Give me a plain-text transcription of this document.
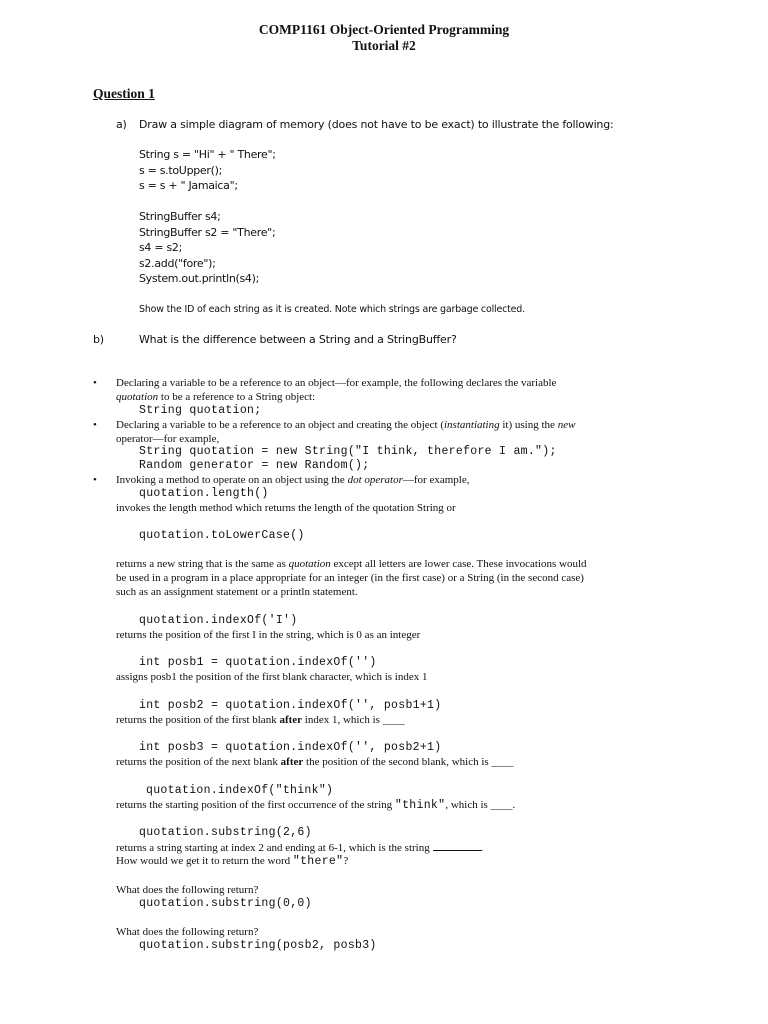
COMP1161 Object-Oriented Programming
Tutorial #2
Question 1
a) Draw a simple diagram of memory (does not have to be exact) to illustrate the following:
String s = "Hi" + " There";
s = s.toUpper();
s = s + " Jamaica";
StringBuffer s4;
StringBuffer s2 = "There";
s4 = s2;
s2.add("fore");
System.out.println(s4);
Show the ID of each string as it is created. Note which strings are garbage collected.
b)	What is the difference between a String and a StringBuffer?
• Declaring a variable to be a reference to an object—for example, the following declares the variable
quotation to be a reference to a String object:
String quotation;
• Declaring a variable to be a reference to an object and creating the object (instantiating it) using the new
operator—for example,
String quotation = new String("I think, therefore I am.");
Random generator = new Random();
• Invoking a method to operate on an object using the dot operator—for example,
quotation.length()
invokes the length method which returns the length of the quotation String or
quotation.toLowerCase()
returns a new string that is the same as quotation except all letters are lower case. These invocations would
be used in a program in a place appropriate for an integer (in the first case) or a String (in the second case)
such as an assignment statement or a println statement.
quotation.indexOf('I')
returns the position of the first I in the string, which is 0 as an integer
int posb1 = quotation.indexOf('')
assigns posb1 the position of the first blank character, which is index 1
int posb2 = quotation.indexOf('', posb1+1)
returns the position of the first blank after index 1, which is ____
int posb3 = quotation.indexOf('', posb2+1)
returns the position of the next blank after the position of the second blank, which is ____
quotation.indexOf("think")
returns the starting position of the first occurrence of the string "think", which is ____.
quotation.substring(2,6)
returns a string starting at index 2 and ending at 6-1, which is the string	.
How would we get it to return the word "there"?
What does the following return?
quotation.substring(0,0)
What does the following return?
quotation.substring(posb2, posb3)
